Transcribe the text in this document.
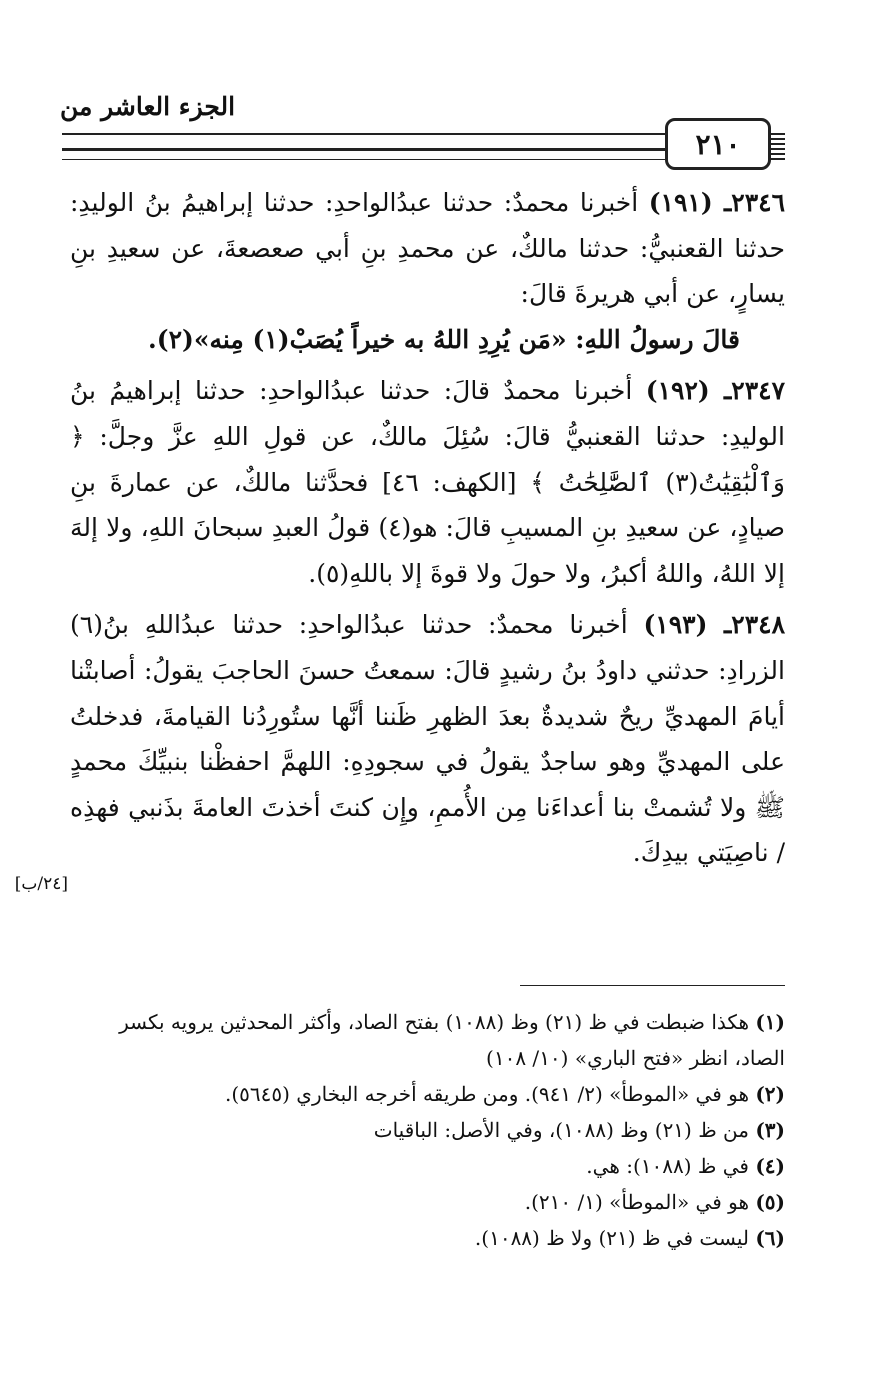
الجزء العاشر من
٢١٠

٢٣٤٦ـ (١٩١) أخبرنا محمدٌ: حدثنا عبدُالواحدِ: حدثنا إبراهيمُ بنُ الوليدِ: حدثنا القعنبيُّ: حدثنا مالكٌ، عن محمدِ بنِ أبي صعصعةَ، عن سعيدِ بنِ يسارٍ، عن أبي هريرةَ قالَ:
قالَ رسولُ اللهِ: «مَن يُرِدِ اللهُ به خيراً يُصَبْ(١) مِنه»(٢).

٢٣٤٧ـ (١٩٢) أخبرنا محمدٌ قالَ: حدثنا عبدُالواحدِ: حدثنا إبراهيمُ بنُ الوليدِ: حدثنا القعنبيُّ قالَ: سُئِلَ مالكٌ، عن قولِ اللهِ عزَّ وجلَّ: ﴿ وَٱلْبَٰقِيَٰتُ(٣) ٱلصَّٰلِحَٰتُ ﴾ [الكهف: ٤٦] فحدَّثنا مالكٌ، عن عمارةَ بنِ صيادٍ، عن سعيدِ بنِ المسيبِ قالَ: هو(٤) قولُ العبدِ سبحانَ اللهِ، ولا إلهَ إلا اللهُ، واللهُ أكبرُ، ولا حولَ ولا قوةَ إلا باللهِ(٥).

٢٣٤٨ـ (١٩٣) أخبرنا محمدٌ: حدثنا عبدُالواحدِ: حدثنا عبدُاللهِ بنُ(٦) الزرادِ: حدثني داودُ بنُ رشيدٍ قالَ: سمعتُ حسنَ الحاجبَ يقولُ: أصابتْنا أيامَ المهديِّ ريحٌ شديدةٌ بعدَ الظهرِ ظَننا أنَّها ستُورِدُنا القيامةَ، فدخلتُ على المهديِّ وهو ساجدٌ يقولُ في سجودِهِ: اللهمَّ احفظْنا بنبيِّكَ محمدٍ ﷺ ولا تُشمتْ بنا أعداءَنا مِن الأُممِ، وإِن كنتَ أخذتَ العامةَ بذَنبي فهذِه / ناصِيَتي بيدِكَ.

[٢٤/ب]

(١)هكذا ضبطت في ظ (٢١) وظ (١٠٨٨) بفتح الصاد، وأكثر المحدثين يرويه بكسر الصاد، انظر «فتح الباري» (١٠/ ١٠٨)

(٢)هو في «الموطأ» (٢/ ٩٤١). ومن طريقه أخرجه البخاري (٥٦٤٥).

(٣)من ظ (٢١) وظ (١٠٨٨)، وفي الأصل: الباقيات

(٤)في ظ (١٠٨٨): هي.

(٥)هو في «الموطأ» (١/ ٢١٠).

(٦)ليست في ظ (٢١) ولا ظ (١٠٨٨).
